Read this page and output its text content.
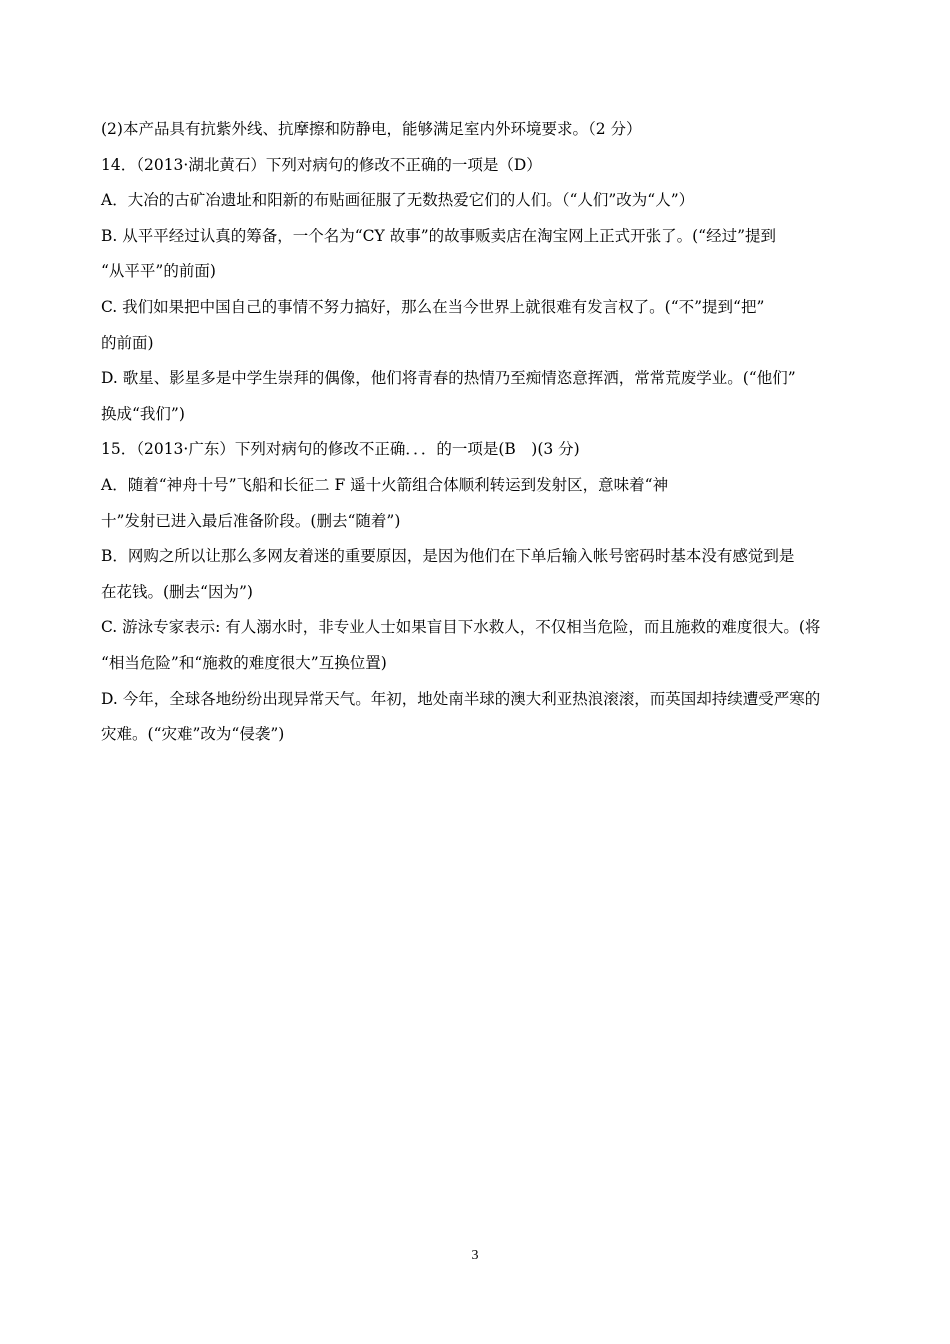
(2)本产品具有抗紫外线、抗摩擦和防静电，能够满足室内外环境要求。（2 分）
14．（2013·湖北黄石）下列对病句的修改不正确的一项是（D）
A．大冶的古矿冶遗址和阳新的布贴画征服了无数热爱它们的人们。（“人们”改为“人”）
B. 从平平经过认真的筹备，一个名为“CY 故事”的故事贩卖店在淘宝网上正式开张了。(“经过”提到
“从平平”的前面)
C. 我们如果把中国自己的事情不努力搞好，那么在当今世界上就很难有发言权了。(“不”提到“把”
的前面)
D. 歌星、影星多是中学生崇拜的偶像，他们将青春的热情乃至痴情恣意挥洒，常常荒废学业。(“他们”
换成“我们”)
15．（2013·广东）下列对病句的修改不正确．．．的一项是(B　)(3 分)
A．随着“神舟十号”飞船和长征二 F 遥十火箭组合体顺利转运到发射区，意味着“神
十”发射已进入最后准备阶段。(删去“随着”)
B．网购之所以让那么多网友着迷的重要原因，是因为他们在下单后输入帐号密码时基本没有感觉到是
在花钱。(删去“因为”)
C. 游泳专家表示: 有人溺水时，非专业人士如果盲目下水救人，不仅相当危险，而且施救的难度很大。(将
“相当危险”和“施救的难度很大”互换位置)
D. 今年，全球各地纷纷出现异常天气。年初，地处南半球的澳大利亚热浪滚滚，而英国却持续遭受严寒的
灾难。(“灾难”改为“侵袭”)
3
